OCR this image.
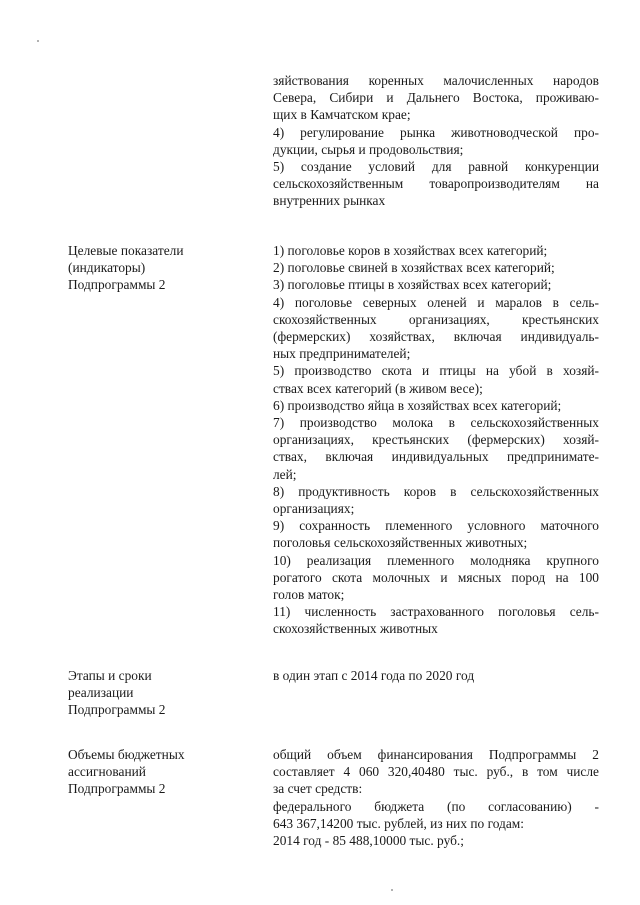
зяйствования коренных малочисленных народов
Севера, Сибири и Дальнего Востока, проживаю-
щих в Камчатском крае;
4) регулирование рынка животноводческой про-
дукции, сырья и продовольствия;
5) создание условий для равной конкуренции
сельскохозяйственным товаропроизводителям на
внутренних рынках
Целевые показатели
(индикаторы)
Подпрограммы 2
1) поголовье коров в хозяйствах всех категорий;
2) поголовье свиней в хозяйствах всех категорий;
3) поголовье птицы в хозяйствах всех категорий;
4) поголовье северных оленей и маралов в сель-
скохозяйственных организациях, крестьянских
(фермерских) хозяйствах, включая индивидуаль-
ных предпринимателей;
5) производство скота и птицы на убой в хозяй-
ствах всех категорий (в живом весе);
6) производство яйца в хозяйствах всех категорий;
7) производство молока в сельскохозяйственных
организациях, крестьянских (фермерских) хозяй-
ствах, включая индивидуальных предпринимате-
лей;
8) продуктивность коров в сельскохозяйственных
организациях;
9) сохранность племенного условного маточного
поголовья сельскохозяйственных животных;
10) реализация племенного молодняка крупного
рогатого скота молочных и мясных пород на 100
голов маток;
11) численность застрахованного поголовья сель-
скохозяйственных животных
Этапы и сроки
реализации
Подпрограммы 2
в один этап с 2014 года по 2020 год
Объемы бюджетных
ассигнований
Подпрограммы 2
общий объем финансирования Подпрограммы 2
составляет 4 060 320,40480 тыс. руб., в том числе
за счет средств:
федерального бюджета (по согласованию) -
643 367,14200 тыс. рублей, из них по годам:
2014 год - 85 488,10000 тыс. руб.;
